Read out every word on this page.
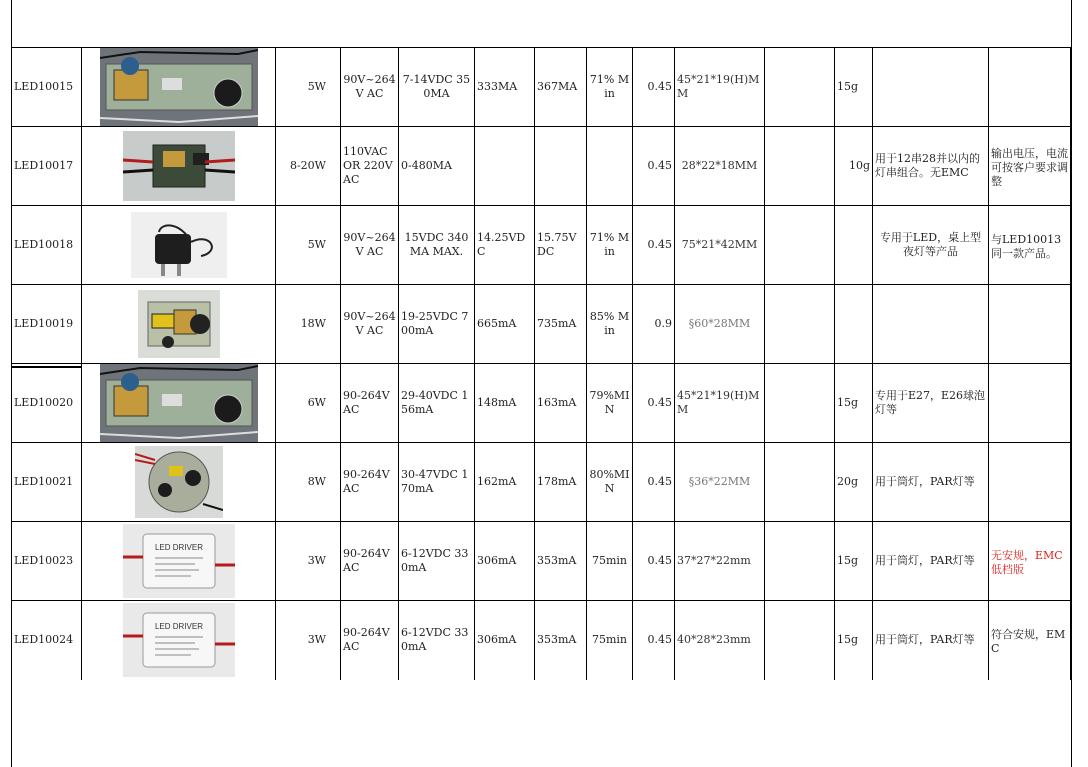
LED10015		5W	90V~264V AC	7-14VDC 350MA	333MA	367MA	71% Min	0.45	45*21*19(H)MM		15g		
LED10017		8-20W	110VAC OR 220VAC	0-480MA				0.45	28*22*18MM		10g	用于12串28并以内的灯串组合。无EMC	输出电压，电流可按客户要求调整
LED10018		5W	90V~264V AC	15VDC 340MA MAX.	14.25VDC	15.75VDC	71% Min	0.45	75*21*42MM			专用于LED，桌上型夜灯等产品	与LED10013同一款产品。
LED10019		18W	90V~264V AC	19-25VDC 700mA	665mA	735mA	85% Min	0.9	§60*28MM				
LED10020		6W	90-264VAC	29-40VDC 156mA	148mA	163mA	79%MIN	0.45	45*21*19(H)MM		15g	专用于E27，E26球泡灯等	
LED10021		8W	90-264VAC	30-47VDC 170mA	162mA	178mA	80%MIN	0.45	§36*22MM		20g	用于筒灯，PAR灯等	
LED10023	LED DRIVER	3W	90-264VAC	6-12VDC 330mA	306mA	353mA	75min	0.45	37*27*22mm		15g	用于筒灯，PAR灯等	无安规，EMC低档版
LED10024	LED DRIVER	3W	90-264VAC	6-12VDC 330mA	306mA	353mA	75min	0.45	40*28*23mm		15g	用于筒灯，PAR灯等	符合安规，EMC
